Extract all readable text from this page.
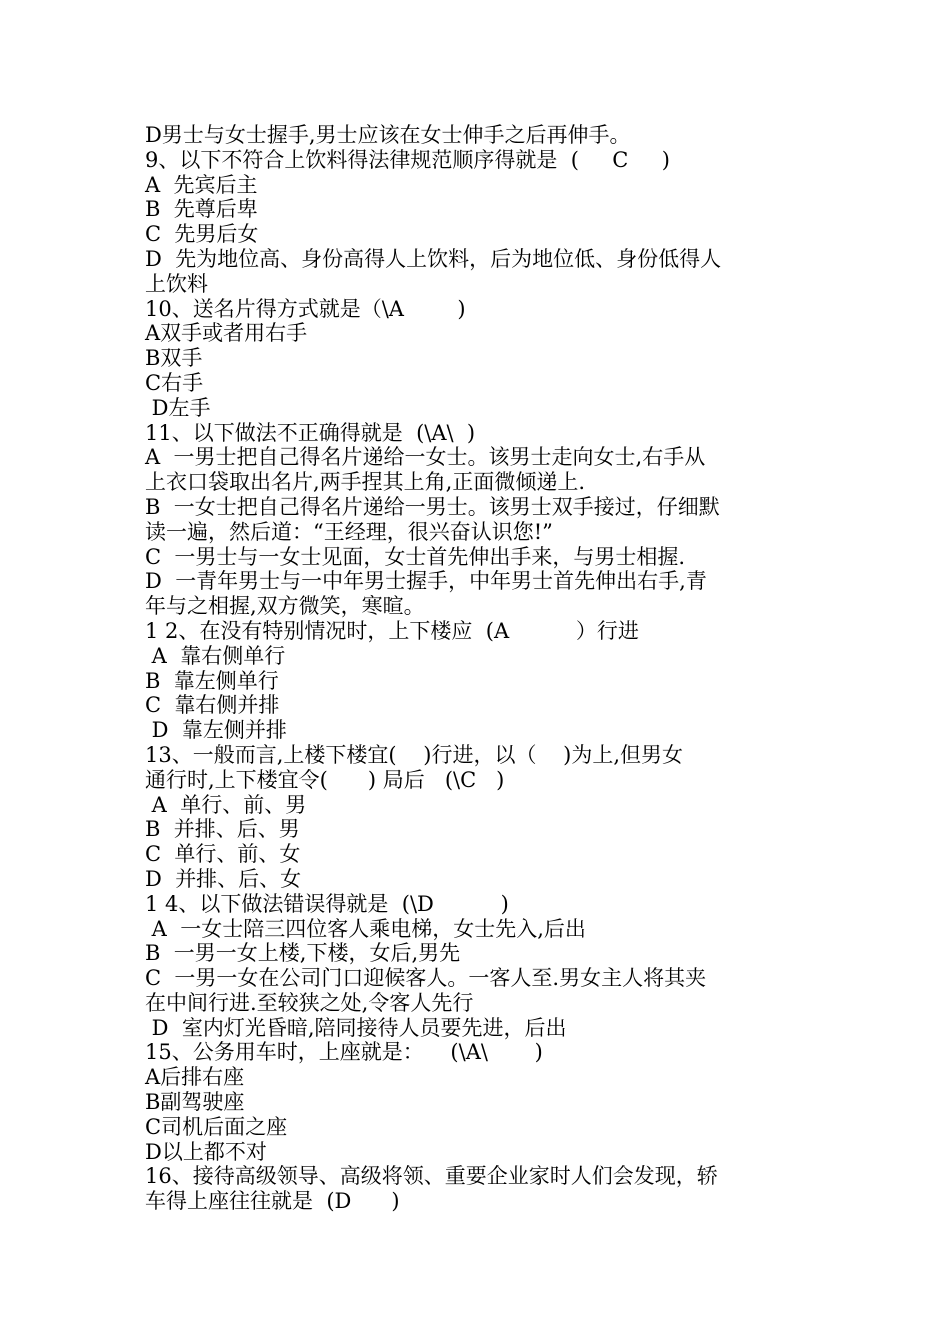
D男士与女士握手,男士应该在女士伸手之后再伸手。
9、以下不符合上饮料得法律规范顺序得就是  (     C     )
A  先宾后主
B  先尊后卑
C  先男后女
D  先为地位高、身份高得人上饮料，后为地位低、身份低得人
上饮料
10、送名片得方式就是（\A        )
A双手或者用右手
B双手
C右手
D左手
11、以下做法不正确得就是  (\A\  )
A  一男士把自己得名片递给一女士。该男士走向女士,右手从
上衣口袋取出名片,两手捏其上角,正面微倾递上.
B  一女士把自己得名片递给一男士。该男士双手接过，仔细默
读一遍，然后道：“王经理，很兴奋认识您!”
C  一男士与一女士见面，女士首先伸出手来，与男士相握.
D  一青年男士与一中年男士握手，中年男士首先伸出右手,青
年与之相握,双方微笑，寒暄。
1 2、在没有特别情况时，上下楼应  (A          ）行进
A  靠右侧单行
B  靠左侧单行
C  靠右侧并排
D  靠左侧并排
13、一般而言,上楼下楼宜(    )行进，以（    )为上,但男女
通行时,上下楼宜令(      ) 局后   (\C   )
A  单行、前、男
B  并排、后、男
C  单行、前、女
D  并排、后、女
1 4、以下做法错误得就是  (\D          )
A  一女士陪三四位客人乘电梯，女士先入,后出
B  一男一女上楼,下楼，女后,男先
C  一男一女在公司门口迎候客人。一客人至.男女主人将其夹
在中间行进.至较狭之处,令客人先行
D  室内灯光昏暗,陪同接待人员要先进，后出
15、公务用车时，上座就是：    (\A\       )
A后排右座
B副驾驶座
C司机后面之座
D以上都不对
16、接待高级领导、高级将领、重要企业家时人们会发现，轿
车得上座往往就是  (D      )
